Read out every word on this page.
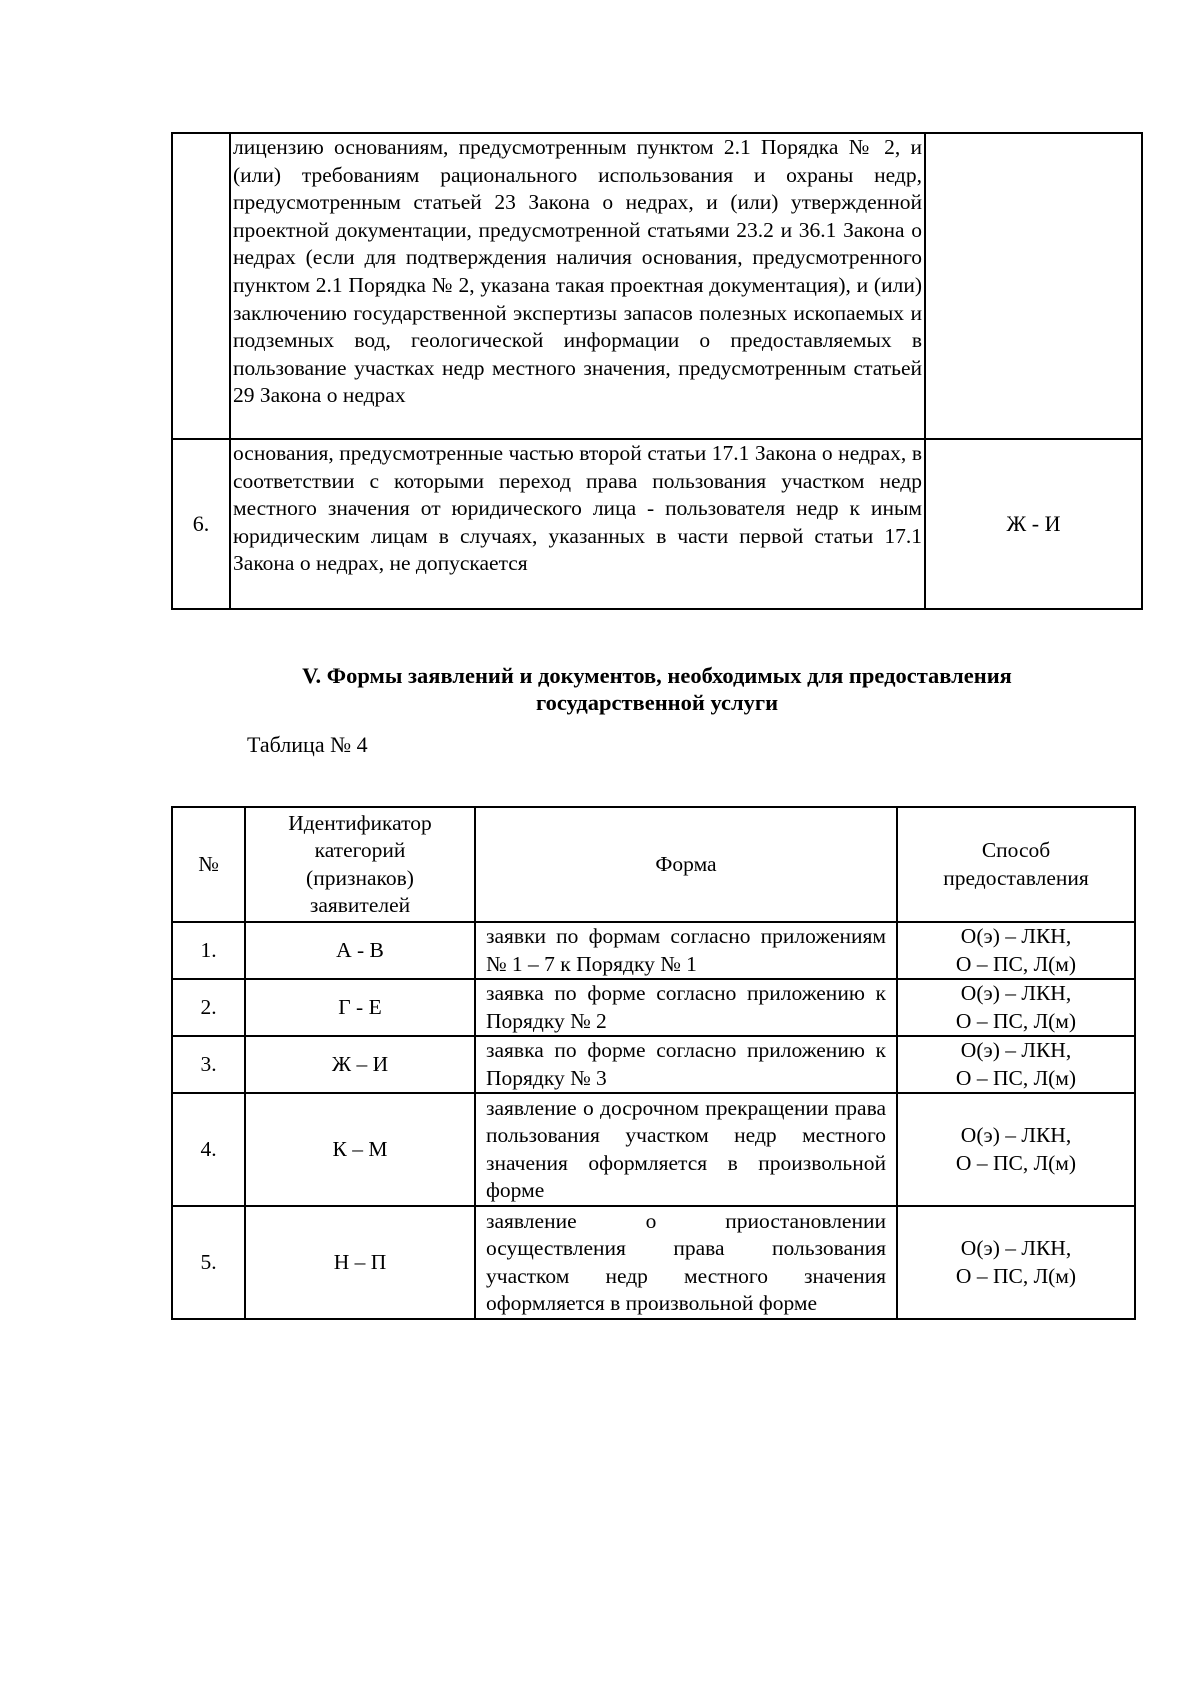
	лицензию основаниям, предусмотренным пунктом 2.1 Порядка № 2, и (или) требованиям рационального использования и охраны недр, предусмотренным статьей 23 Закона о недрах, и (или) утвержденной проектной документации, предусмотренной статьями 23.2 и 36.1 Закона о недрах (если для подтверждения наличия основания, предусмотренного пунктом 2.1 Порядка № 2, указана такая проектная документация), и (или) заключению государственной экспертизы запасов полезных ископаемых и подземных вод, геологической информации о предоставляемых в пользование участках недр местного значения, предусмотренным статьей 29 Закона о недрах	
6.	основания, предусмотренные частью второй статьи 17.1 Закона о недрах, в соответствии с которыми переход права пользования участком недр местного значения от юридического лица - пользователя недр к иным юридическим лицам в случаях, указанных в части первой статьи 17.1 Закона о недрах, не допускается	Ж - И
V. Формы заявлений и документов, необходимых для предоставления
государственной услуги
Таблица № 4
№	Идентификатор
категорий
(признаков)
заявителей	Форма	Способ
предоставления

1.	А - В	заявки по формам согласно приложениям № 1 – 7 к Порядку № 1	О(э) – ЛКН,
О – ПС, Л(м)

2.	Г - Е	заявка по форме согласно приложению к Порядку № 2	О(э) – ЛКН,
О – ПС, Л(м)

3.	Ж – И	заявка по форме согласно приложению к Порядку № 3	О(э) – ЛКН,
О – ПС, Л(м)

4.	К – М	заявление о досрочном прекращении права пользования участком недр местного значения оформляется в произвольной форме	О(э) – ЛКН,
О – ПС, Л(м)

5.	Н – П	заявление о приостановлении осуществления права пользования участком недр местного значения оформляется в произвольной форме	О(э) – ЛКН,
О – ПС, Л(м)
